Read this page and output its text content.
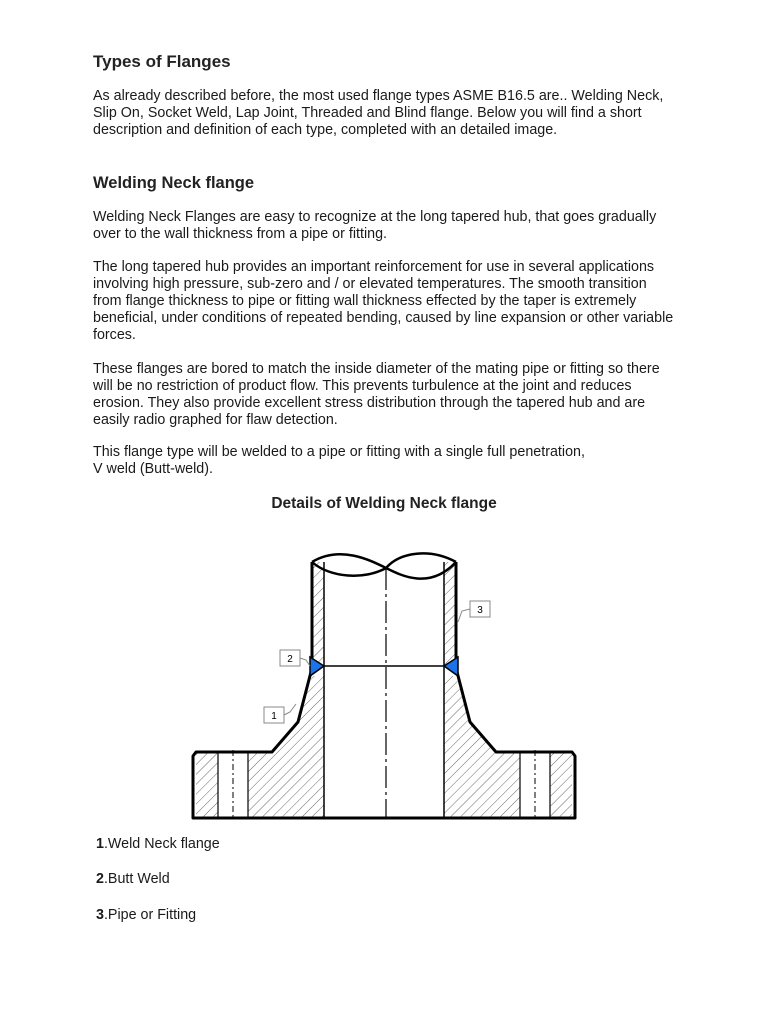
Types of Flanges

As already described before, the most used flange types ASME B16.5 are.. Welding Neck, Slip On, Socket Weld, Lap Joint, Threaded and Blind flange. Below you will find a short description and definition of each type, completed with an detailed image.

Welding Neck flange

Welding Neck Flanges are easy to recognize at the long tapered hub, that goes gradually over to the wall thickness from a pipe or fitting.

The long tapered hub provides an important reinforcement for use in several applications involving high pressure, sub-zero and / or elevated temperatures. The smooth transition from flange thickness to pipe or fitting wall thickness effected by the taper is extremely beneficial, under conditions of repeated bending, caused by line expansion or other variable forces.

These flanges are bored to match the inside diameter of the mating pipe or fitting so there will be no restriction of product flow. This prevents turbulence at the joint and reduces erosion. They also provide excellent stress distribution through the tapered hub and are easily radio graphed for flaw detection.

This flange type will be welded to a pipe or fitting with a single full penetration,
V weld (Butt-weld).

Details of Welding Neck flange
3
2
1
1.Weld Neck flange
2.Butt Weld
3.Pipe or Fitting
